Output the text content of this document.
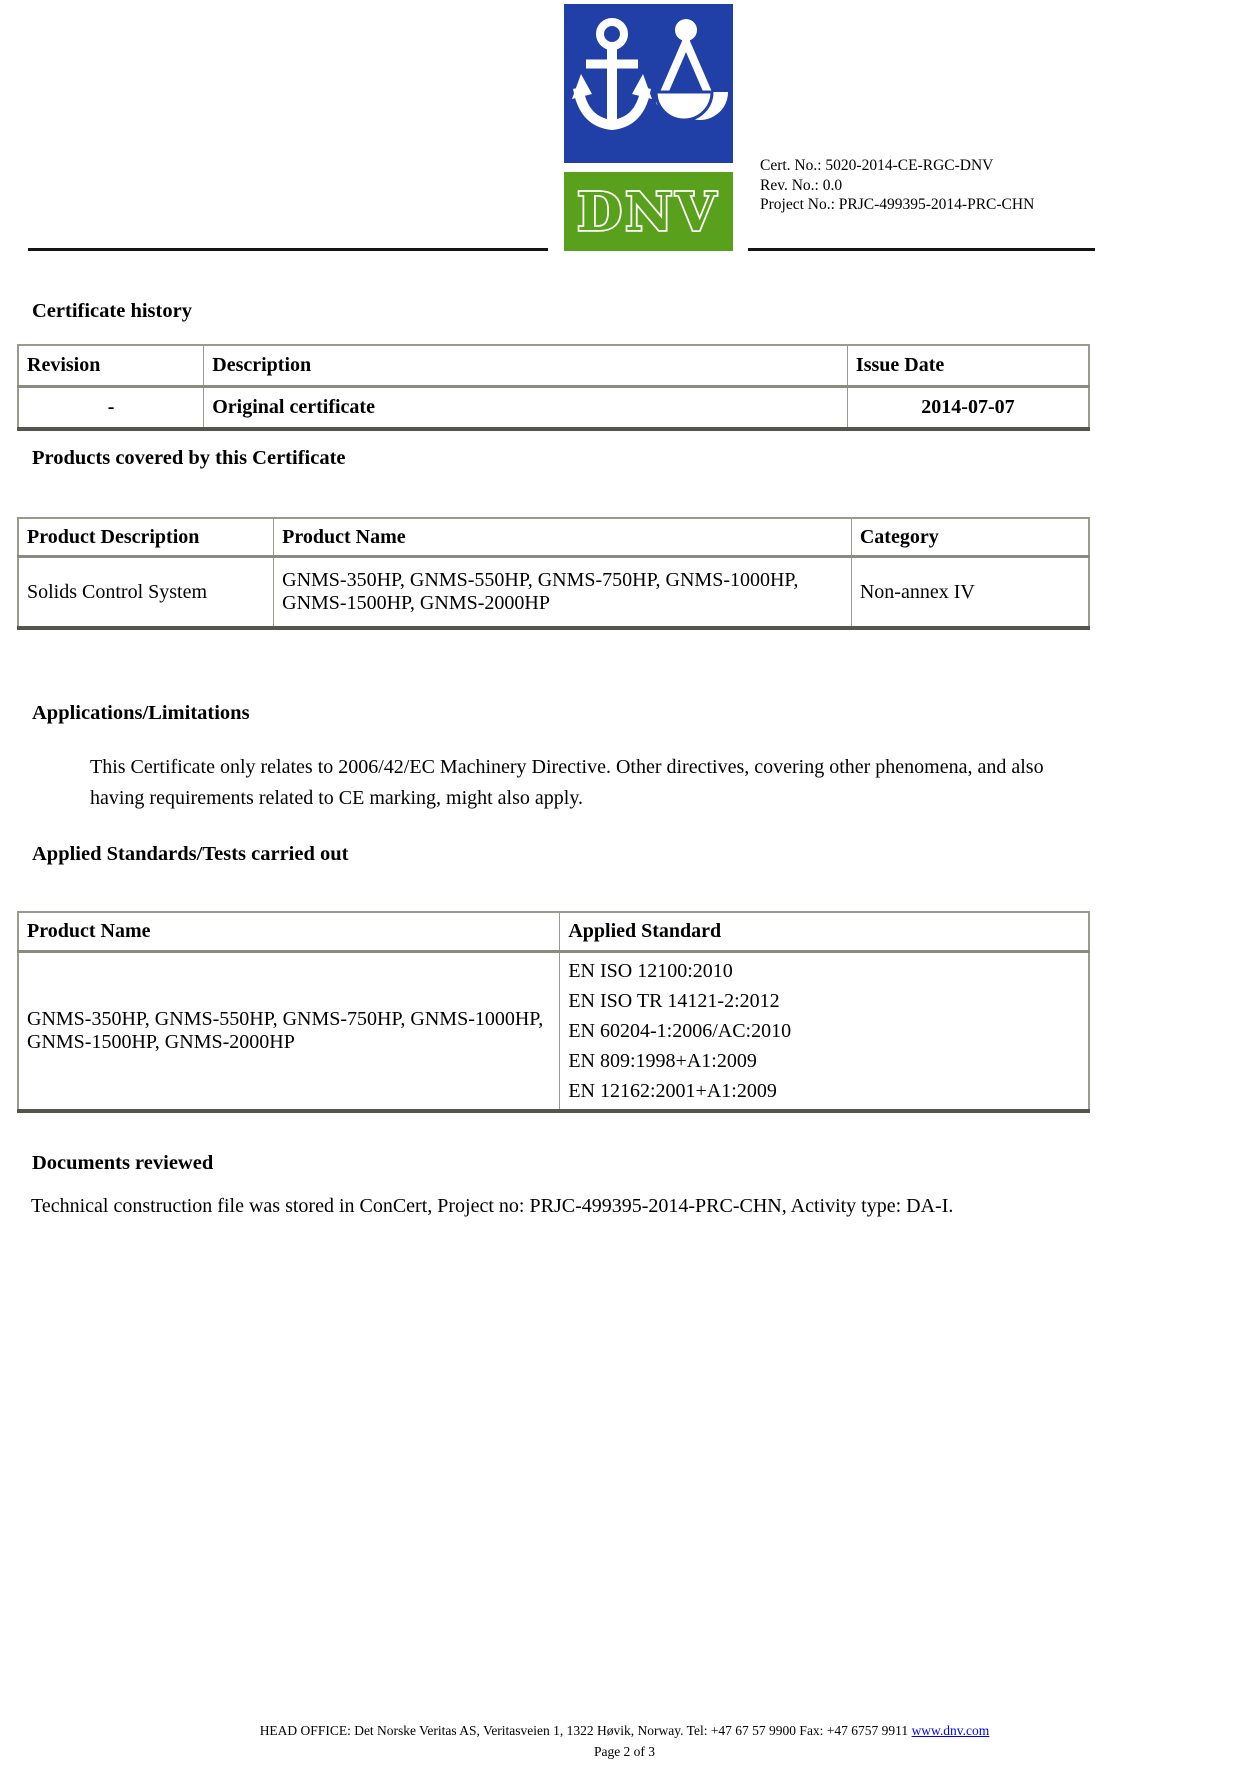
DNV
Cert. No.: 5020-2014-CE-RGC-DNV
Rev. No.: 0.0
Project No.: PRJC-499395-2014-PRC-CHN
Certificate history
Revision	Description	Issue Date
-	Original certificate	2014-07-07
Products covered by this Certificate
Product Description	Product Name	Category
Solids Control System	GNMS-350HP, GNMS-550HP, GNMS-750HP, GNMS-1000HP, GNMS-1500HP, GNMS-2000HP	Non-annex IV
Applications/Limitations
This Certificate only relates to 2006/42/EC Machinery Directive. Other directives, covering other phenomena, and also having requirements related to CE marking, might also apply.
Applied Standards/Tests carried out
Product Name	Applied Standard
GNMS-350HP, GNMS-550HP, GNMS-750HP, GNMS-1000HP, GNMS-1500HP, GNMS-2000HP	EN ISO 12100:2010
EN ISO TR 14121-2:2012
EN 60204-1:2006/AC:2010
EN 809:1998+A1:2009
EN 12162:2001+A1:2009
Documents reviewed
Technical construction file was stored in ConCert, Project no: PRJC-499395-2014-PRC-CHN, Activity type: DA-I.
HEAD OFFICE: Det Norske Veritas AS, Veritasveien 1, 1322 Høvik, Norway. Tel: +47 67 57 9900 Fax: +47 6757 9911 www.dnv.com
Page 2 of 3
